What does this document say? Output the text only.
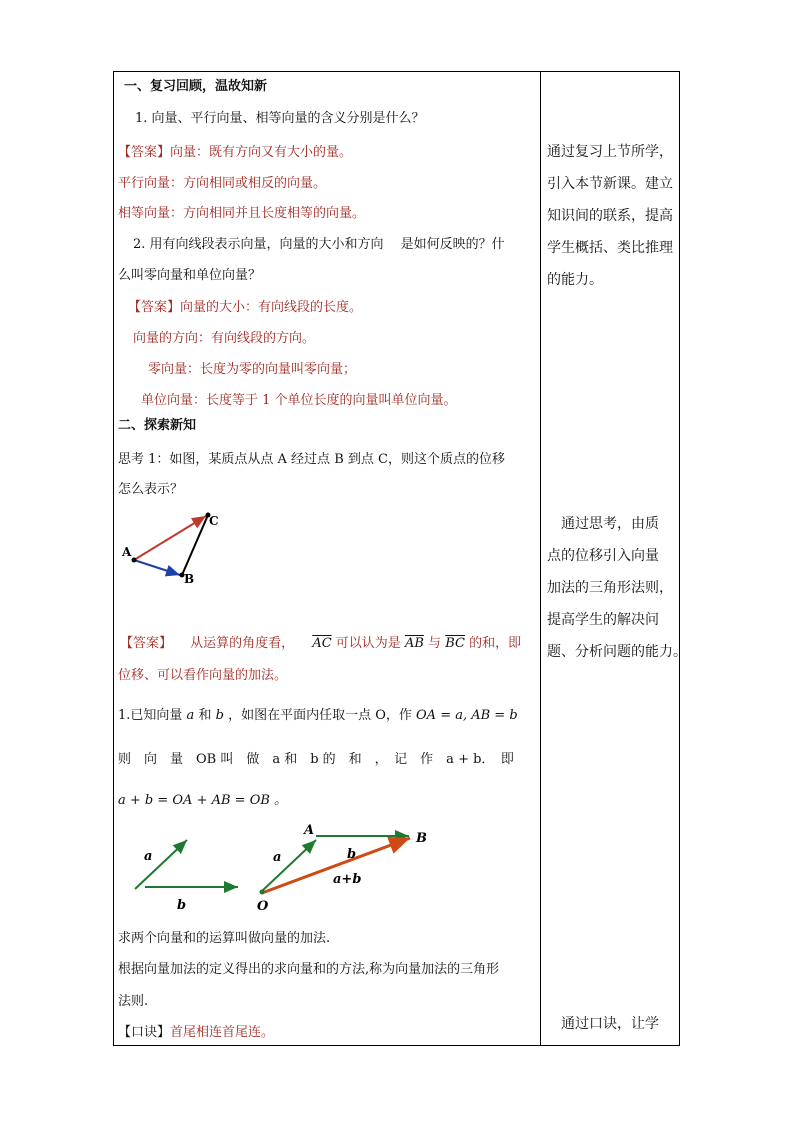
一、复习回顾，温故知新
1. 向量、平行向量、相等向量的含义分别是什么？
【答案】向量：既有方向又有大小的量。
平行向量：方向相同或相反的向量。
相等向量：方向相同并且长度相等的向量。
2. 用有向线段表示向量，向量的大小和方向　 是如何反映的？什
么叫零向量和单位向量？
【答案】向量的大小：有向线段的长度。
向量的方向：有向线段的方向。
零向量：长度为零的向量叫零向量；
单位向量：长度等于 1 个单位长度的向量叫单位向量。
二、探索新知
思考 1：如图，某质点从点 A 经过点 B 到点 C，则这个质点的位移
怎么表示？
A
B
C
【答案】 从运算的角度看， $\overline{AC}$ 可以认为是 $\overline{AB}$ 与 $\overline{BC}$ 的和，即
位移、可以看作向量的加法。
1.已知向量 a 和 b ，如图在平面内任取一点 O，作 OA = a, AB = b
则　向　量　OB 叫　做　a 和　b 的　和　，　记　作　a + b．　即
a + b = OA + AB = OB 。
a
b
A
B
O
a	b
a+b
求两个向量和的运算叫做向量的加法.
根据向量加法的定义得出的求向量和的方法,称为向量加法的三角形
法则.
【口诀】首尾相连首尾连。
通过复习上节所学，
引入本节新课。建立
知识间的联系，提高
学生概括、类比推理
的能力。
　通过思考，由质
点的位移引入向量
加法的三角形法则，
提高学生的解决问
题、分析问题的能力。
　通过口诀，让学
